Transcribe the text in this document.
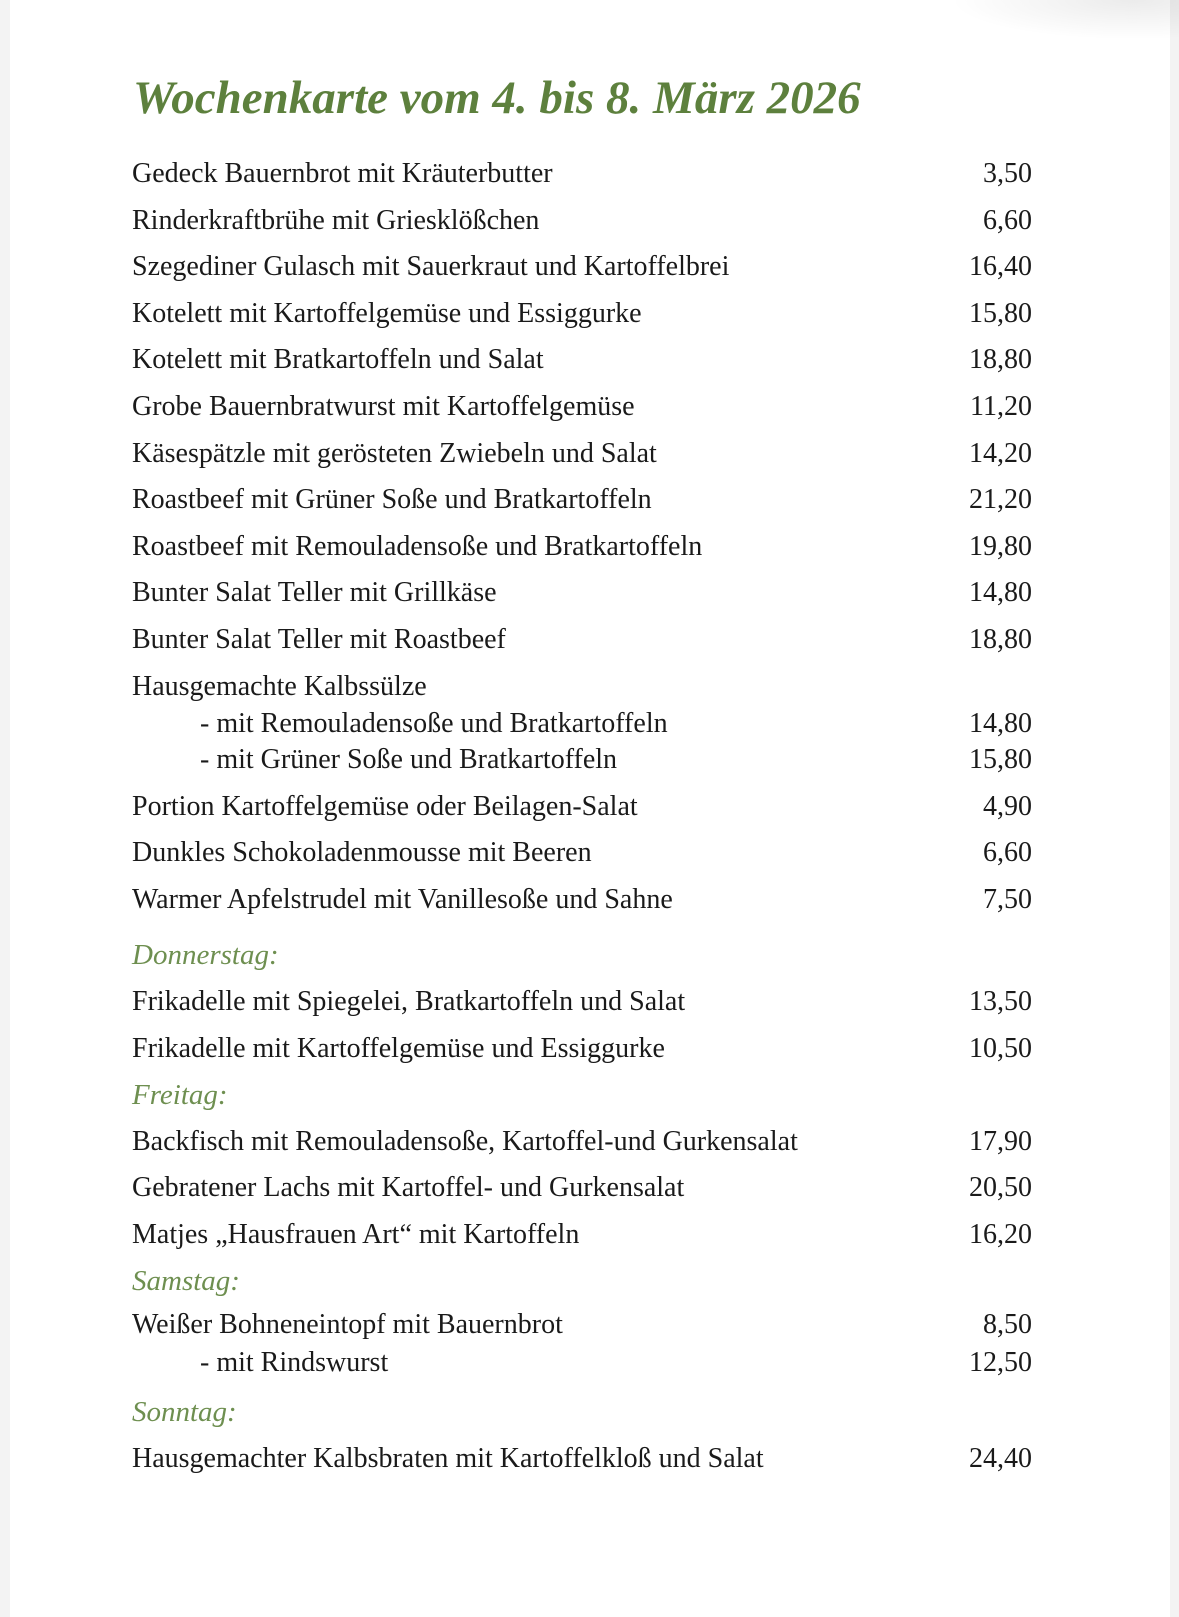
Wochenkarte vom 4. bis 8. März 2026
Gedeck Bauernbrot mit Kräuterbutter	3,50
Rinderkraftbrühe mit Griesklößchen	6,60
Szegediner Gulasch mit Sauerkraut und Kartoffelbrei	16,40
Kotelett mit Kartoffelgemüse und Essiggurke	15,80
Kotelett mit Bratkartoffeln und Salat	18,80
Grobe Bauernbratwurst mit Kartoffelgemüse	11,20
Käsespätzle mit gerösteten Zwiebeln und Salat	14,20
Roastbeef mit Grüner Soße und Bratkartoffeln	21,20
Roastbeef mit Remouladensoße und Bratkartoffeln	19,80
Bunter Salat Teller mit Grillkäse	14,80
Bunter Salat Teller mit Roastbeef	18,80
Hausgemachte Kalbssülze
- mit Remouladensoße und Bratkartoffeln	14,80
- mit Grüner Soße und Bratkartoffeln	15,80
Portion Kartoffelgemüse oder Beilagen-Salat	4,90
Dunkles Schokoladenmousse mit Beeren	6,60
Warmer Apfelstrudel mit Vanillesoße und Sahne	7,50
Donnerstag:
Frikadelle mit Spiegelei, Bratkartoffeln und Salat	13,50
Frikadelle mit Kartoffelgemüse und Essiggurke	10,50
Freitag:
Backfisch mit Remouladensoße, Kartoffel-und Gurkensalat	17,90
Gebratener Lachs mit Kartoffel- und Gurkensalat	20,50
Matjes „Hausfrauen Art“ mit Kartoffeln	16,20
Samstag:
Weißer Bohneneintopf mit Bauernbrot	8,50
- mit Rindswurst	12,50
Sonntag:
Hausgemachter Kalbsbraten mit Kartoffelkloß und Salat	24,40
